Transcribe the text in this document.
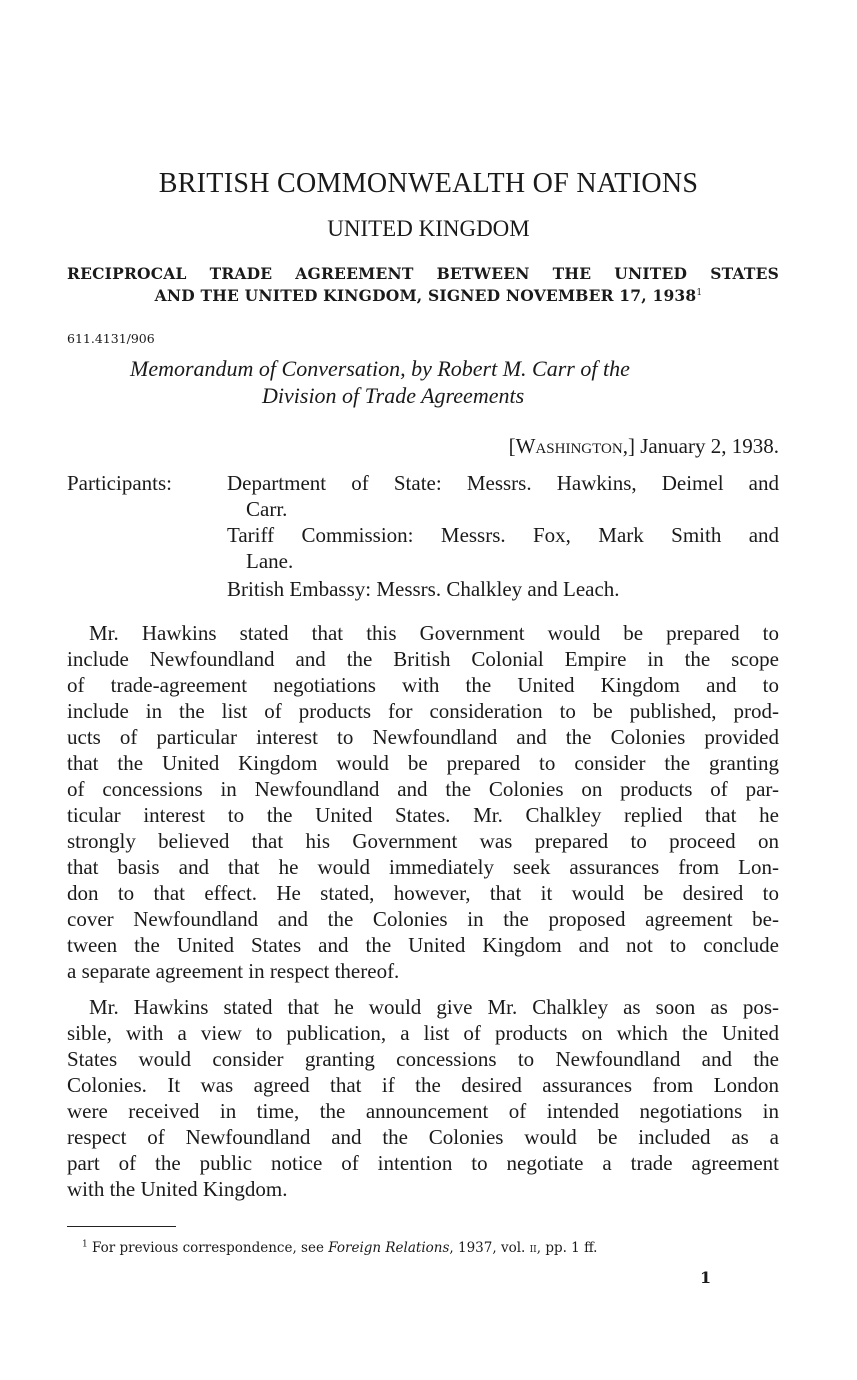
BRITISH COMMONWEALTH OF NATIONS
UNITED KINGDOM
RECIPROCAL TRADE AGREEMENT BETWEEN THE UNITED STATES
AND THE UNITED KINGDOM, SIGNED NOVEMBER 17, 1938$^1$
611.4131/906
Memorandum of Conversation, by Robert M. Carr of the
Division of Trade Agreements
[WASHINGTON,] January 2, 1938.
Participants:	Department of State: Messrs. Hawkins, Deimel and
Carr.
Tariff Commission: Messrs. Fox, Mark Smith and
Lane.
British Embassy: Messrs. Chalkley and Leach.
Mr. Hawkins stated that this Government would be prepared to
include Newfoundland and the British Colonial Empire in the scope
of trade-agreement negotiations with the United Kingdom and to
include in the list of products for consideration to be published, prod-
ucts of particular interest to Newfoundland and the Colonies provided
that the United Kingdom would be prepared to consider the granting
of concessions in Newfoundland and the Colonies on products of par-
ticular interest to the United States. Mr. Chalkley replied that he
strongly believed that his Government was prepared to proceed on
that basis and that he would immediately seek assurances from Lon-
don to that effect. He stated, however, that it would be desired to
cover Newfoundland and the Colonies in the proposed agreement be-
tween the United States and the United Kingdom and not to conclude
a separate agreement in respect thereof.
Mr. Hawkins stated that he would give Mr. Chalkley as soon as pos-
sible, with a view to publication, a list of products on which the United
States would consider granting concessions to Newfoundland and the
Colonies. It was agreed that if the desired assurances from London
were received in time, the announcement of intended negotiations in
respect of Newfoundland and the Colonies would be included as a
part of the public notice of intention to negotiate a trade agreement
with the United Kingdom.
$^1$ For previous correspondence, see Foreign Relations, 1937, vol. ii, pp. 1 ff.
1
